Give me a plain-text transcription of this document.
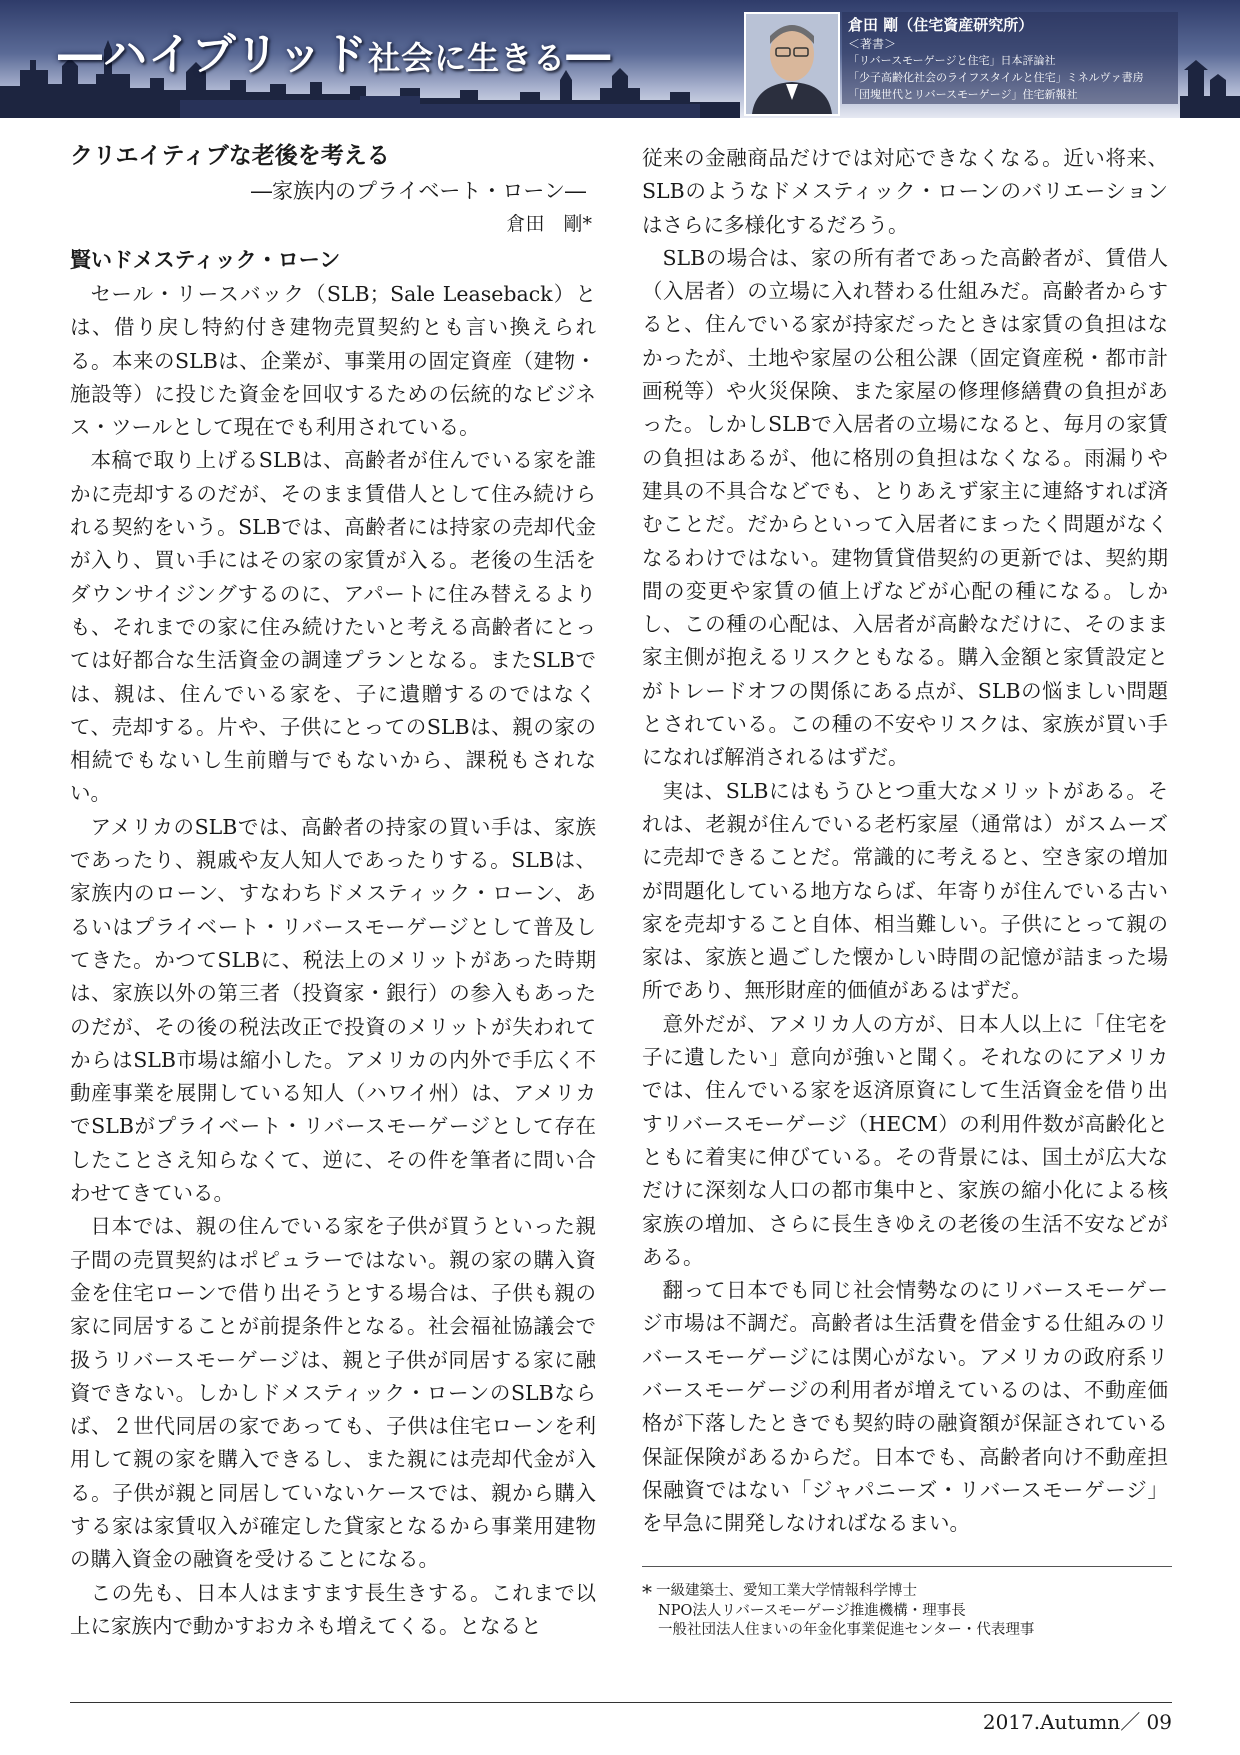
―ハイブリッド社会に生きる―
倉田 剛（住宅資産研究所）
＜著書＞
「リバースモーゲージと住宅」日本評論社
「少子高齢化社会のライフスタイルと住宅」ミネルヴァ書房
「団塊世代とリバースモーゲージ」住宅新報社
クリエイティブな老後を考える
―家族内のプライベート・ローン―
倉田　剛*
賢いドメスティック・ローン

セール・リースバック（SLB；Sale Leaseback）とは、借り戻し特約付き建物売買契約とも言い換えられる。本来のSLBは、企業が、事業用の固定資産（建物・施設等）に投じた資金を回収するための伝統的なビジネス・ツールとして現在でも利用されている。

本稿で取り上げるSLBは、高齢者が住んでいる家を誰かに売却するのだが、そのまま賃借人として住み続けられる契約をいう。SLBでは、高齢者には持家の売却代金が入り、買い手にはその家の家賃が入る。老後の生活をダウンサイジングするのに、アパートに住み替えるよりも、それまでの家に住み続けたいと考える高齢者にとっては好都合な生活資金の調達プランとなる。またSLBでは、親は、住んでいる家を、子に遺贈するのではなくて、売却する。片や、子供にとってのSLBは、親の家の相続でもないし生前贈与でもないから、課税もされない。

アメリカのSLBでは、高齢者の持家の買い手は、家族であったり、親戚や友人知人であったりする。SLBは、家族内のローン、すなわちドメスティック・ローン、あるいはプライベート・リバースモーゲージとして普及してきた。かつてSLBに、税法上のメリットがあった時期は、家族以外の第三者（投資家・銀行）の参入もあったのだが、その後の税法改正で投資のメリットが失われてからはSLB市場は縮小した。アメリカの内外で手広く不動産事業を展開している知人（ハワイ州）は、アメリカでSLBがプライベート・リバースモーゲージとして存在したことさえ知らなくて、逆に、その件を筆者に問い合わせてきている。

日本では、親の住んでいる家を子供が買うといった親子間の売買契約はポピュラーではない。親の家の購入資金を住宅ローンで借り出そうとする場合は、子供も親の家に同居することが前提条件となる。社会福祉協議会で扱うリバースモーゲージは、親と子供が同居する家に融資できない。しかしドメスティック・ローンのSLBならば、２世代同居の家であっても、子供は住宅ローンを利用して親の家を購入できるし、また親には売却代金が入る。子供が親と同居していないケースでは、親から購入する家は家賃収入が確定した貸家となるから事業用建物の購入資金の融資を受けることになる。

この先も、日本人はますます長生きする。これまで以上に家族内で動かすおカネも増えてくる。となると

従来の金融商品だけでは対応できなくなる。近い将来、SLBのようなドメスティック・ローンのバリエーションはさらに多様化するだろう。

SLBの場合は、家の所有者であった高齢者が、賃借人（入居者）の立場に入れ替わる仕組みだ。高齢者からすると、住んでいる家が持家だったときは家賃の負担はなかったが、土地や家屋の公租公課（固定資産税・都市計画税等）や火災保険、また家屋の修理修繕費の負担があった。しかしSLBで入居者の立場になると、毎月の家賃の負担はあるが、他に格別の負担はなくなる。雨漏りや建具の不具合などでも、とりあえず家主に連絡すれば済むことだ。だからといって入居者にまったく問題がなくなるわけではない。建物賃貸借契約の更新では、契約期間の変更や家賃の値上げなどが心配の種になる。しかし、この種の心配は、入居者が高齢なだけに、そのまま家主側が抱えるリスクともなる。購入金額と家賃設定とがトレードオフの関係にある点が、SLBの悩ましい問題とされている。この種の不安やリスクは、家族が買い手になれば解消されるはずだ。

実は、SLBにはもうひとつ重大なメリットがある。それは、老親が住んでいる老朽家屋（通常は）がスムーズに売却できることだ。常識的に考えると、空き家の増加が問題化している地方ならば、年寄りが住んでいる古い家を売却すること自体、相当難しい。子供にとって親の家は、家族と過ごした懐かしい時間の記憶が詰まった場所であり、無形財産的価値があるはずだ。

意外だが、アメリカ人の方が、日本人以上に「住宅を子に遺したい」意向が強いと聞く。それなのにアメリカでは、住んでいる家を返済原資にして生活資金を借り出すリバースモーゲージ（HECM）の利用件数が高齢化とともに着実に伸びている。その背景には、国土が広大なだけに深刻な人口の都市集中と、家族の縮小化による核家族の増加、さらに長生きゆえの老後の生活不安などがある。

翻って日本でも同じ社会情勢なのにリバースモーゲージ市場は不調だ。高齢者は生活費を借金する仕組みのリバースモーゲージには関心がない。アメリカの政府系リバースモーゲージの利用者が増えているのは、不動産価格が下落したときでも契約時の融資額が保証されている保証保険があるからだ。日本でも、高齢者向け不動産担保融資ではない「ジャパニーズ・リバースモーゲージ」を早急に開発しなければなるまい。

* 一級建築士、愛知工業大学情報科学博士
NPO法人リバースモーゲージ推進機構・理事長
一般社団法人住まいの年金化事業促進センター・代表理事
2017.Autumn／ 09
